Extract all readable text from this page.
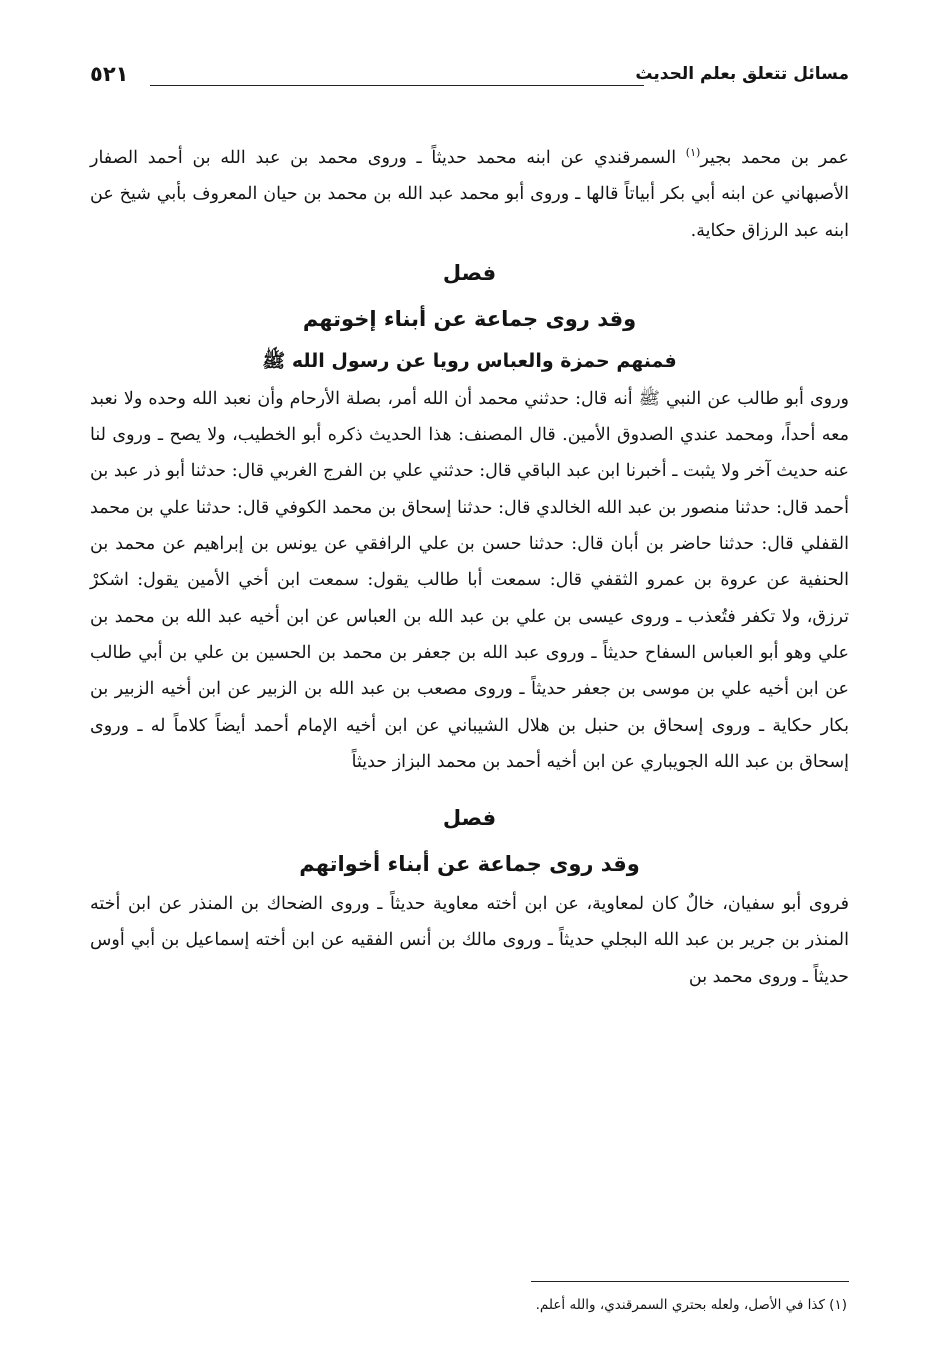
مسائل تتعلق بعلم الحديث
٥٢١

عمر بن محمد بجير$^{(١)}$ السمرقندي عن ابنه محمد حديثاً ـ وروى محمد بن عبد الله بن أحمد الصفار الأصبهاني عن ابنه أبي بكر أبياتاً قالها ـ وروى أبو محمد عبد الله بن محمد بن حيان المعروف بأبي شيخ عن ابنه عبد الرزاق حكاية.

فصل

وقد روى جماعة عن أبناء إخوتهم

فمنهم حمزة والعباس رويا عن رسول الله ﷺ

وروى أبو طالب عن النبي ﷺ أنه قال: حدثني محمد أن الله أمر، بصلة الأرحام وأن نعبد الله وحده ولا نعبد معه أحداً، ومحمد عندي الصدوق الأمين. قال المصنف: هذا الحديث ذكره أبو الخطيب، ولا يصح ـ وروى لنا عنه حديث آخر ولا يثبت ـ أخبرنا ابن عبد الباقي قال: حدثني علي بن الفرج الغربي قال: حدثنا أبو ذر عبد بن أحمد قال: حدثنا منصور بن عبد الله الخالدي قال: حدثنا إسحاق بن محمد الكوفي قال: حدثنا علي بن محمد القفلي قال: حدثنا حاضر بن أبان قال: حدثنا حسن بن علي الرافقي عن يونس بن إبراهيم عن محمد بن الحنفية عن عروة بن عمرو الثقفي قال: سمعت أبا طالب يقول: سمعت ابن أخي الأمين يقول: اشكرْ ترزق، ولا تكفر فتُعذب ـ وروى عيسى بن علي بن عبد الله بن العباس عن ابن أخيه عبد الله بن محمد بن علي وهو أبو العباس السفاح حديثاً ـ وروى عبد الله بن جعفر بن محمد بن الحسين بن علي بن أبي طالب عن ابن أخيه علي بن موسى بن جعفر حديثاً ـ وروى مصعب بن عبد الله بن الزبير عن ابن أخيه الزبير بن بكار حكاية ـ وروى إسحاق بن حنبل بن هلال الشيباني عن ابن أخيه الإمام أحمد أيضاً كلاماً له ـ وروى إسحاق بن عبد الله الجويباري عن ابن أخيه أحمد بن محمد البزاز حديثاً

فصل

وقد روى جماعة عن أبناء أخواتهم

فروى أبو سفيان، خالٌ كان لمعاوية، عن ابن أخته معاوية حديثاً ـ وروى الضحاك بن المنذر عن ابن أخته المنذر بن جرير بن عبد الله البجلي حديثاً ـ وروى مالك بن أنس الفقيه عن ابن أخته إسماعيل بن أبي أوس حديثاً ـ وروى محمد بن

(١) كذا في الأصل، ولعله بحتري السمرقندي، والله أعلم.
